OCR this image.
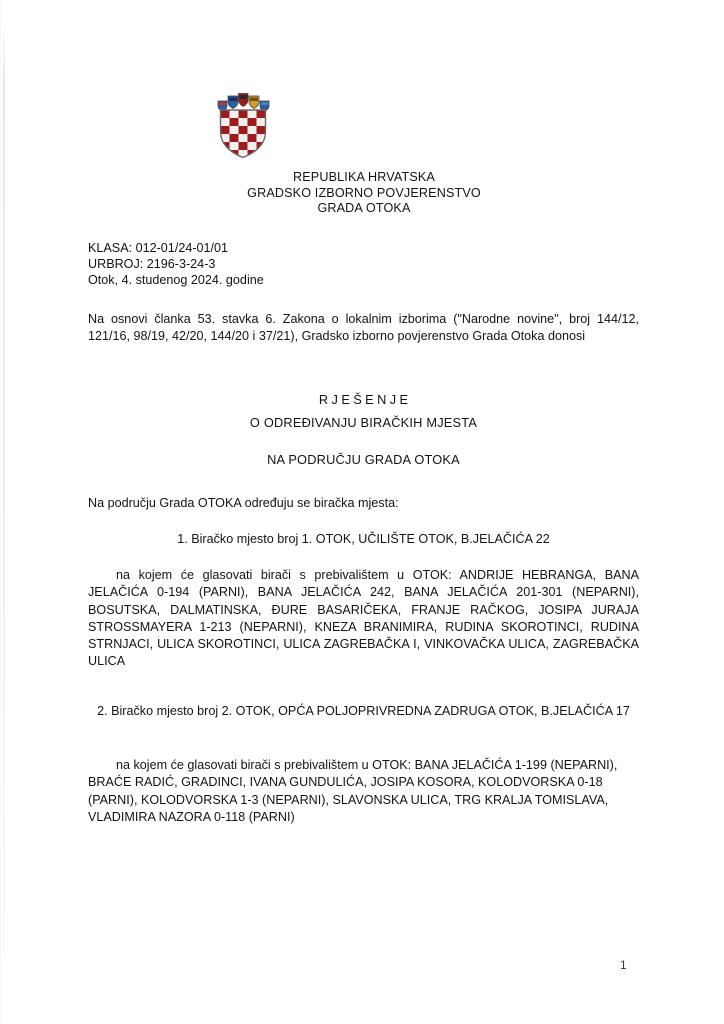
REPUBLIKA HRVATSKA
GRADSKO IZBORNO POVJERENSTVO
GRADA OTOKA
KLASA: 012-01/24-01/01
URBROJ: 2196-3-24-3
Otok, 4. studenog 2024. godine
Na osnovi članka 53. stavka 6. Zakona o lokalnim izborima ("Narodne novine", broj 144/12, 121/16, 98/19, 42/20, 144/20 i 37/21), Gradsko izborno povjerenstvo Grada Otoka donosi
RJEŠENJE
O ODREĐIVANJU BIRAČKIH MJESTA
NA PODRUČJU GRADA OTOKA
Na području Grada OTOKA određuju se biračka mjesta:
1. Biračko mjesto broj 1. OTOK, UČILIŠTE OTOK, B.JELAČIĆA 22
na kojem će glasovati birači s prebivalištem u OTOK: ANDRIJE HEBRANGA, BANA JELAČIĆA 0-194 (PARNI), BANA JELAČIĆA 242, BANA JELAČIĆA 201-301 (NEPARNI), BOSUTSKA, DALMATINSKA, ĐURE BASARIČEKA, FRANJE RAČKOG, JOSIPA JURAJA STROSSMAYERA 1-213 (NEPARNI), KNEZA BRANIMIRA, RUDINA SKOROTINCI, RUDINA STRNJACI, ULICA SKOROTINCI, ULICA ZAGREBAČKA I, VINKOVAČKA ULICA, ZAGREBAČKA ULICA
2. Biračko mjesto broj 2. OTOK, OPĆA POLJOPRIVREDNA ZADRUGA OTOK, B.JELAČIĆA 17
na kojem će glasovati birači s prebivalištem u OTOK: BANA JELAČIĆA 1-199 (NEPARNI), BRAĆE RADIĆ, GRADINCI, IVANA GUNDULIĆA, JOSIPA KOSORA, KOLODVORSKA 0-18 (PARNI), KOLODVORSKA 1-3 (NEPARNI), SLAVONSKA ULICA, TRG KRALJA TOMISLAVA, VLADIMIRA NAZORA 0-118 (PARNI)
1
